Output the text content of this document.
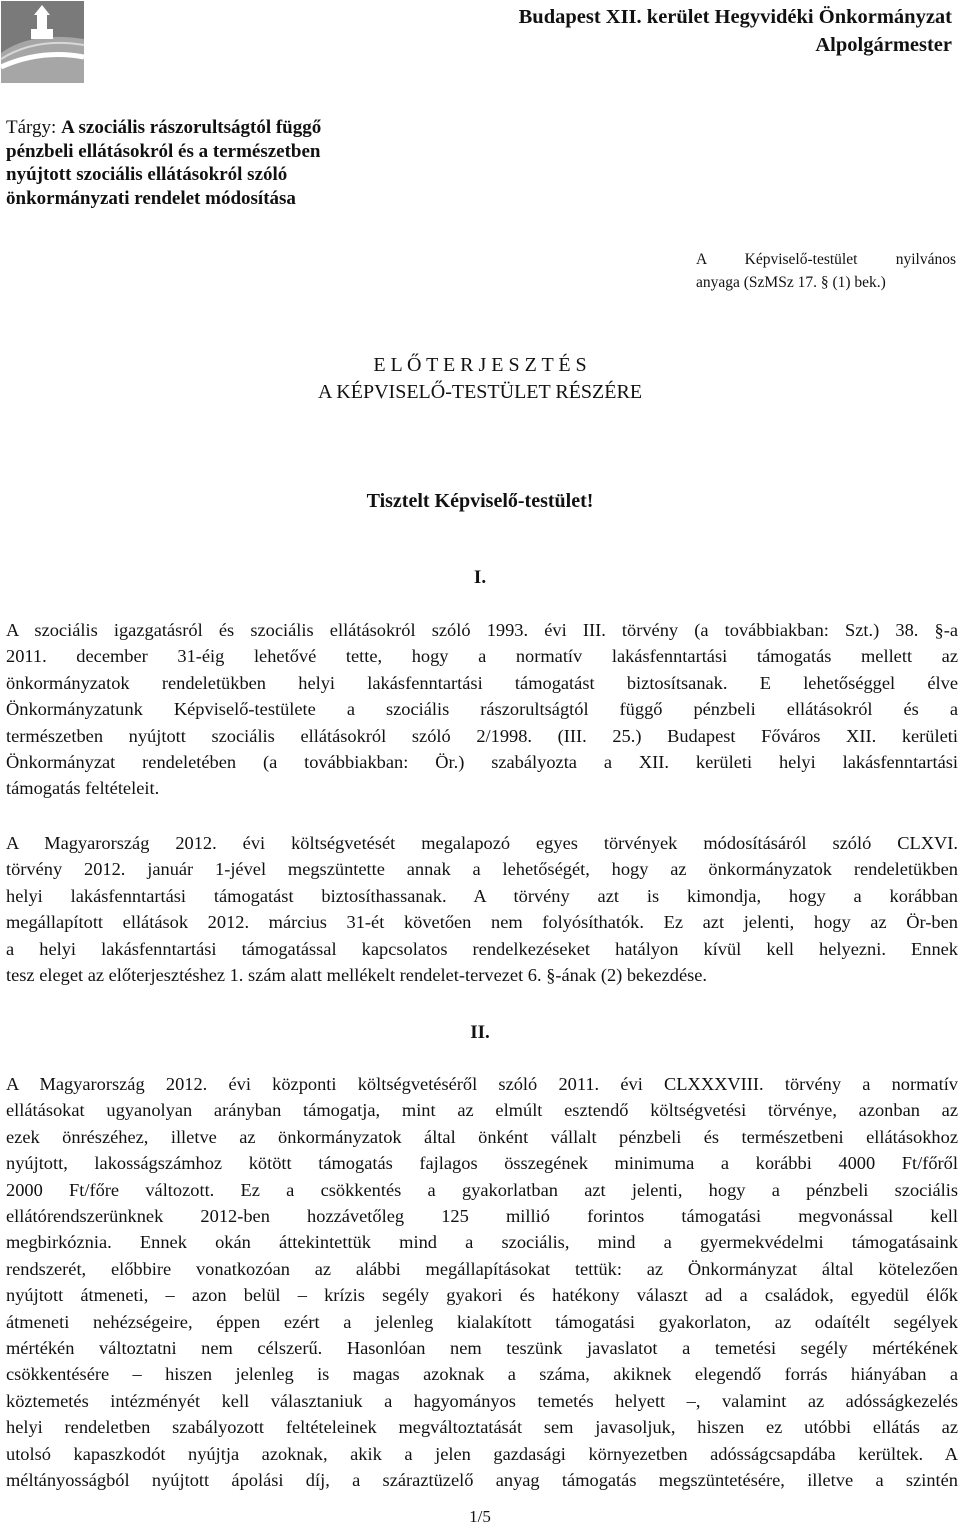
Budapest XII. kerület Hegyvidéki Önkormányzat
Alpolgármester
Tárgy: A szociális rászorultságtól függő
pénzbeli ellátásokról és a természetben
nyújtott szociális ellátásokról szóló
önkormányzati rendelet módosítása
A Képviselő-testület nyilvános
anyaga (SzMSz 17. § (1) bek.)
E L Ő T E R J E S Z T É S
A KÉPVISELŐ-TESTÜLET RÉSZÉRE
Tisztelt Képviselő-testület!
I.
A szociális igazgatásról és szociális ellátásokról szóló 1993. évi III. törvény (a továbbiakban: Szt.) 38. §-a
2011. december 31-éig lehetővé tette, hogy a normatív lakásfenntartási támogatás mellett az
önkormányzatok rendeletükben helyi lakásfenntartási támogatást biztosítsanak. E lehetőséggel élve
Önkormányzatunk Képviselő-testülete a szociális rászorultságtól függő pénzbeli ellátásokról és a
természetben nyújtott szociális ellátásokról szóló 2/1998. (III. 25.) Budapest Főváros XII. kerületi
Önkormányzat rendeletében (a továbbiakban: Ör.) szabályozta a XII. kerületi helyi lakásfenntartási
támogatás feltételeit.
A Magyarország 2012. évi költségvetését megalapozó egyes törvények módosításáról szóló CLXVI.
törvény 2012. január 1-jével megszüntette annak a lehetőségét, hogy az önkormányzatok rendeletükben
helyi lakásfenntartási támogatást biztosíthassanak. A törvény azt is kimondja, hogy a korábban
megállapított ellátások 2012. március 31-ét követően nem folyósíthatók. Ez azt jelenti, hogy az Ör-ben
a helyi lakásfenntartási támogatással kapcsolatos rendelkezéseket hatályon kívül kell helyezni. Ennek
tesz eleget az előterjesztéshez 1. szám alatt mellékelt rendelet-tervezet 6. §-ának (2) bekezdése.
II.
A Magyarország 2012. évi központi költségvetéséről szóló 2011. évi CLXXXVIII. törvény a normatív
ellátásokat ugyanolyan arányban támogatja, mint az elmúlt esztendő költségvetési törvénye, azonban az
ezek önrészéhez, illetve az önkormányzatok által önként vállalt pénzbeli és természetbeni ellátásokhoz
nyújtott, lakosságszámhoz kötött támogatás fajlagos összegének minimuma a korábbi 4000 Ft/főről
2000 Ft/főre változott. Ez a csökkentés a gyakorlatban azt jelenti, hogy a pénzbeli szociális
ellátórendszerünknek 2012-ben hozzávetőleg 125 millió forintos támogatási megvonással kell
megbirkóznia. Ennek okán áttekintettük mind a szociális, mind a gyermekvédelmi támogatásaink
rendszerét, előbbire vonatkozóan az alábbi megállapításokat tettük: az Önkormányzat által kötelezően
nyújtott átmeneti, – azon belül – krízis segély gyakori és hatékony választ ad a családok, egyedül élők
átmeneti nehézségeire, éppen ezért a jelenleg kialakított támogatási gyakorlaton, az odaítélt segélyek
mértékén változtatni nem célszerű. Hasonlóan nem teszünk javaslatot a temetési segély mértékének
csökkentésére – hiszen jelenleg is magas azoknak a száma, akiknek elegendő forrás hiányában a
köztemetés intézményét kell választaniuk a hagyományos temetés helyett –, valamint az adósságkezelés
helyi rendeletben szabályozott feltételeinek megváltoztatását sem javasoljuk, hiszen ez utóbbi ellátás az
utolsó kapaszkodót nyújtja azoknak, akik a jelen gazdasági környezetben adósságcsapdába kerültek. A
méltányosságból nyújtott ápolási díj, a száraztüzelő anyag támogatás megszüntetésére, illetve a szintén
1/5
